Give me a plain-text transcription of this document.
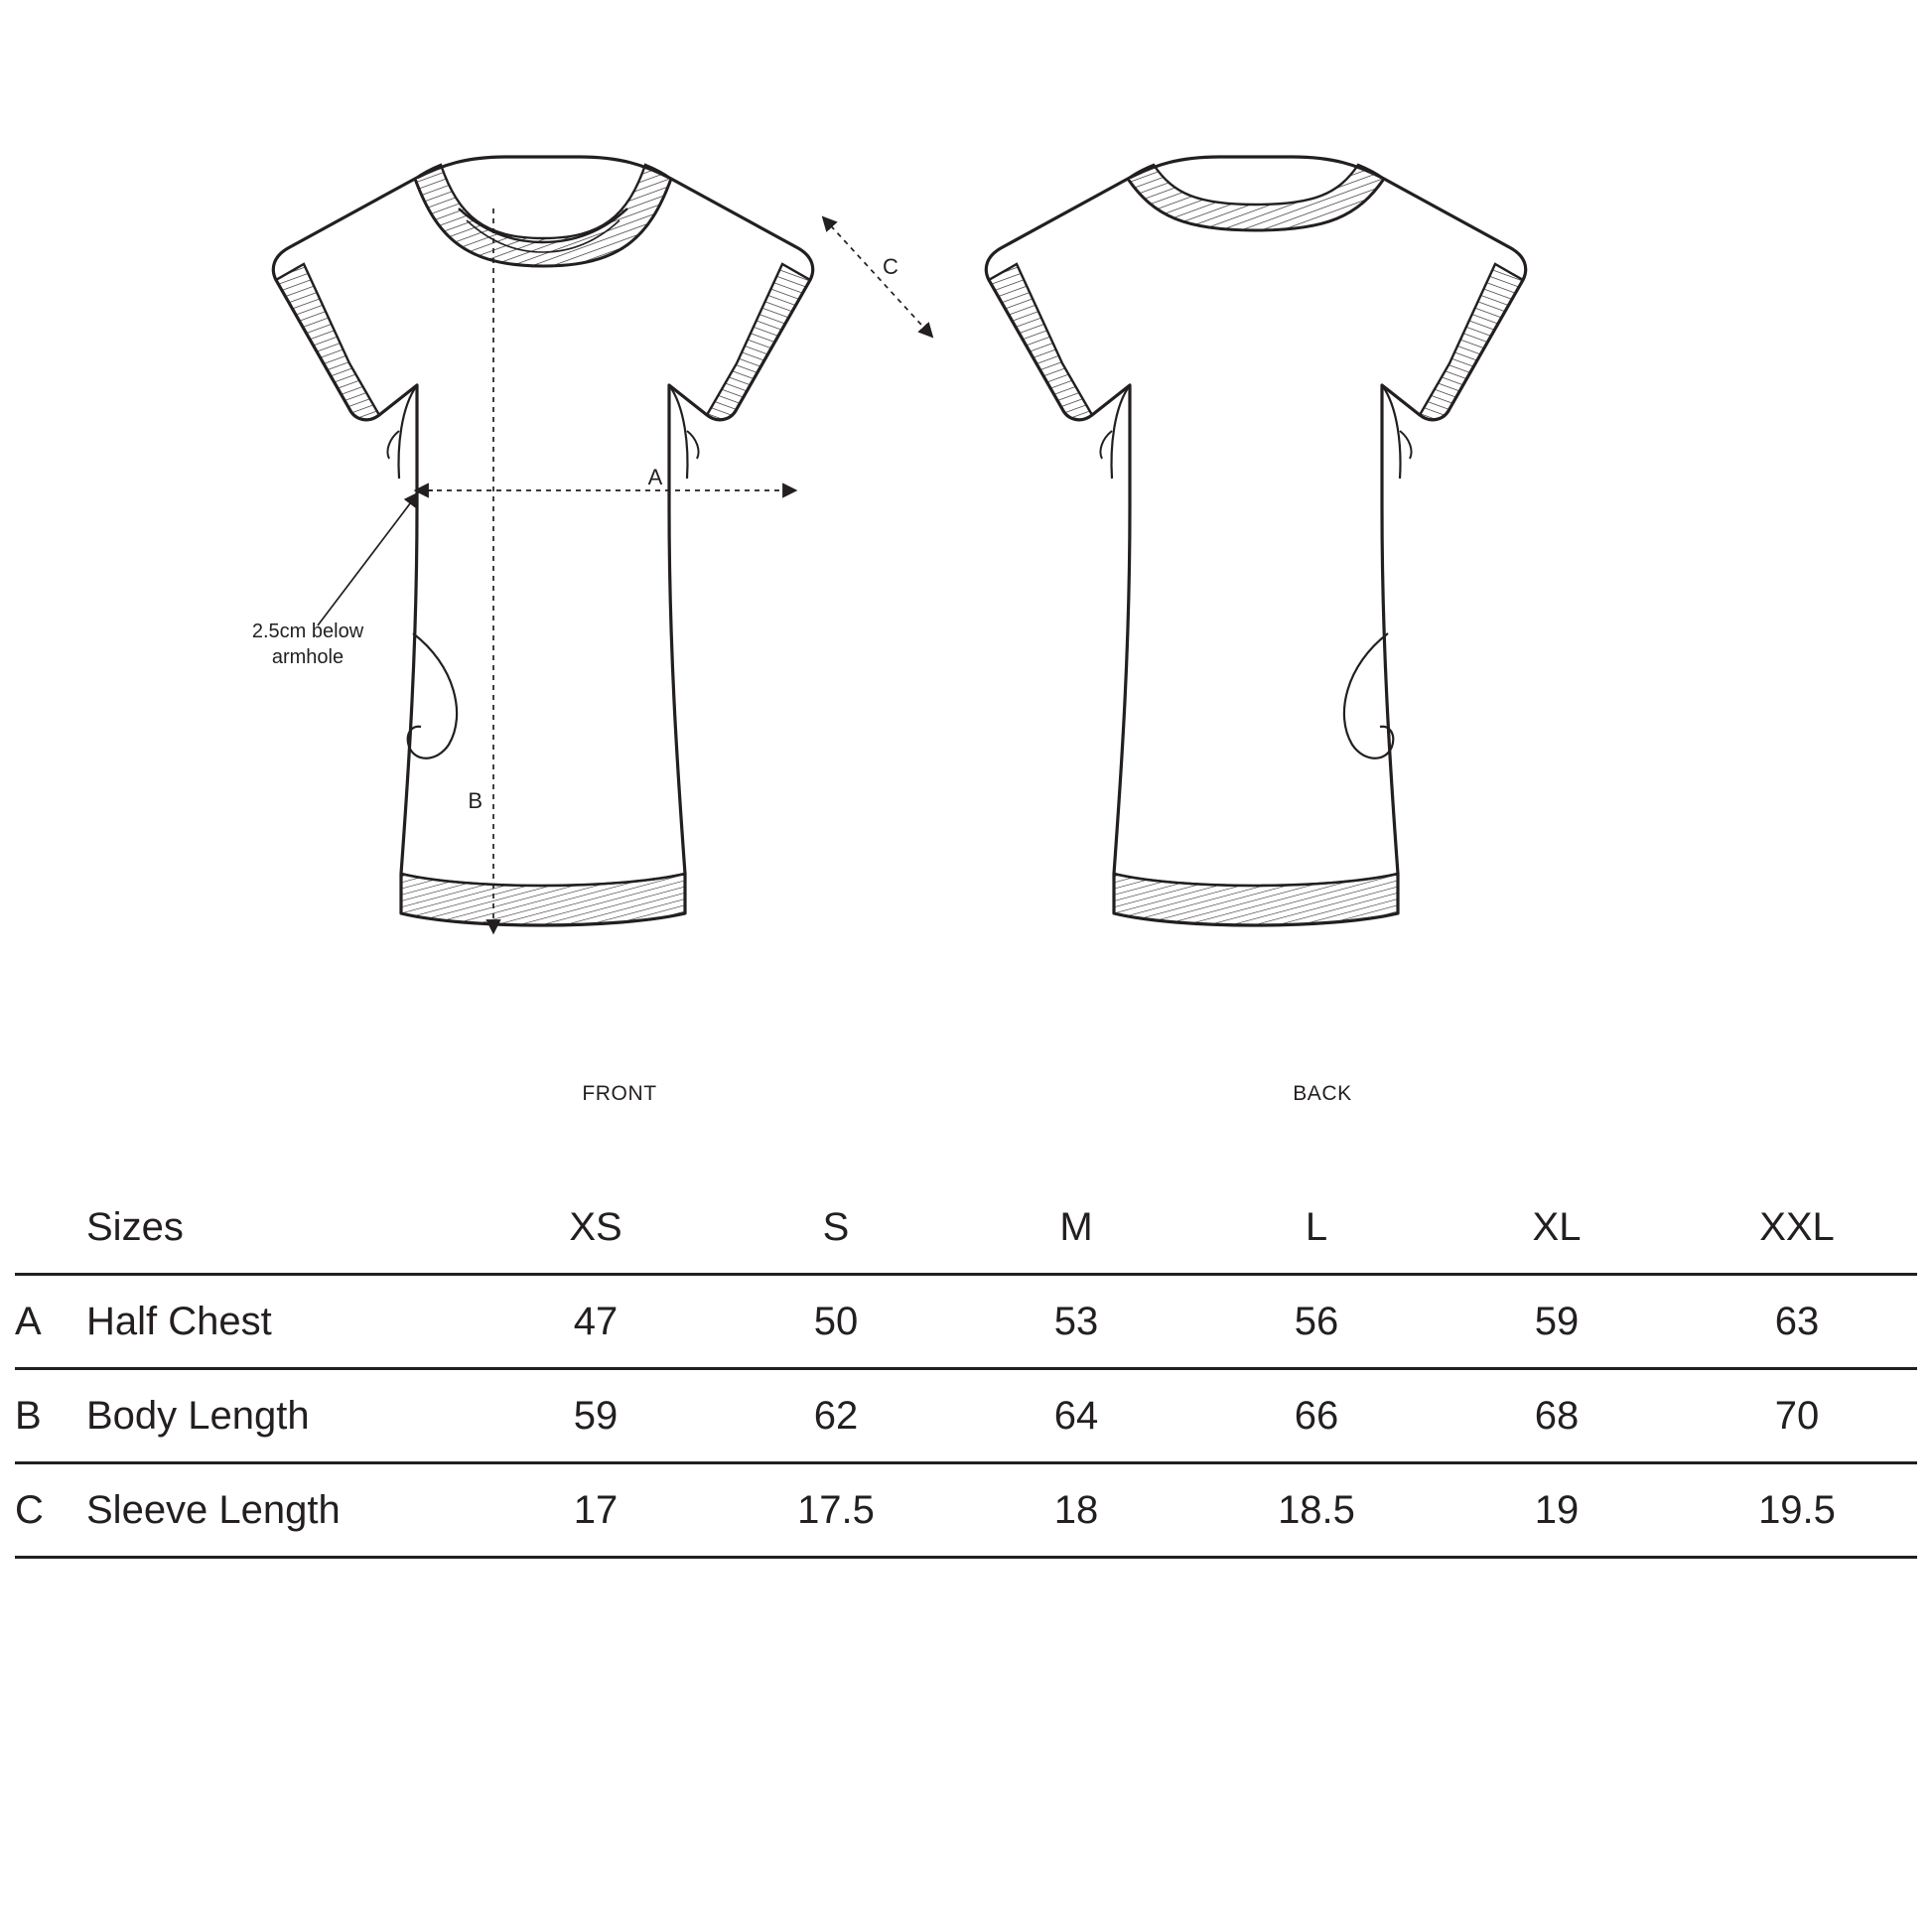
A
B
C
2.5cm below
armhole
FRONT	BACK
	Sizes	XS	S	M	L	XL	XXL
A	Half Chest	47	50	53	56	59	63
B	Body Length	59	62	64	66	68	70
C	Sleeve Length	17	17.5	18	18.5	19	19.5
